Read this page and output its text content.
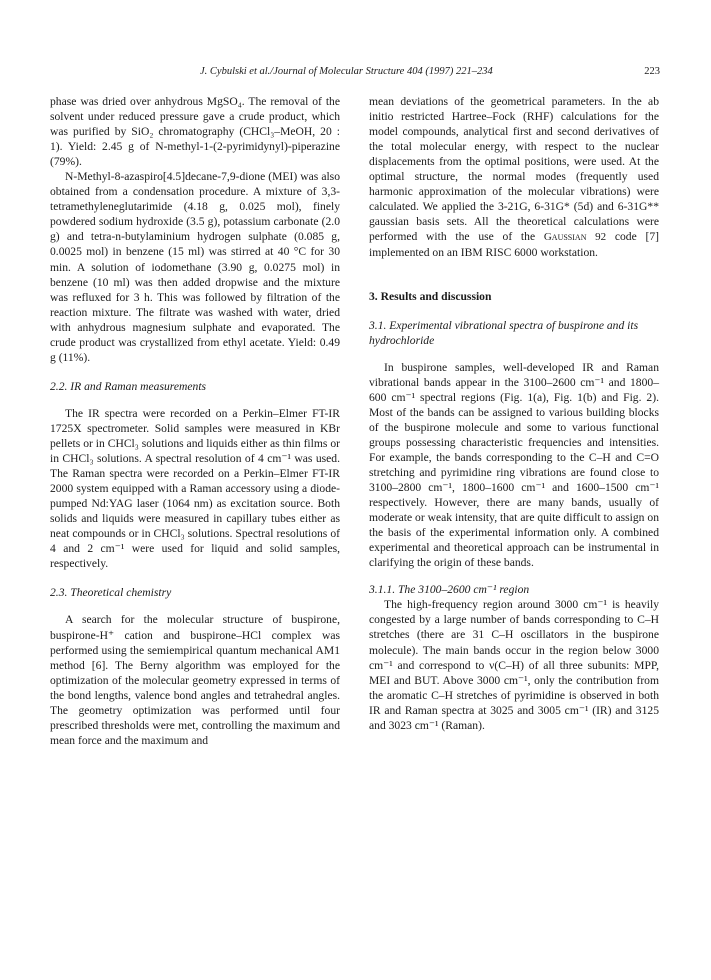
J. Cybulski et al./Journal of Molecular Structure 404 (1997) 221–234	223

phase was dried over anhydrous MgSO₄. The removal of the solvent under reduced pressure gave a crude product, which was purified by SiO₂ chromatography (CHCl₃–MeOH, 20 : 1). Yield: 2.45 g of N-methyl-1-(2-pyrimidynyl)-piperazine (79%).

N-Methyl-8-azaspiro[4.5]decane-7,9-dione (MEI) was also obtained from a condensation procedure. A mixture of 3,3-tetramethyleneglutarimide (4.18 g, 0.025 mol), finely powdered sodium hydroxide (3.5 g), potassium carbonate (2.0 g) and tetra-n-butylaminium hydrogen sulphate (0.085 g, 0.0025 mol) in benzene (15 ml) was stirred at 40 °C for 30 min. A solution of iodomethane (3.90 g, 0.0275 mol) in benzene (10 ml) was then added dropwise and the mixture was refluxed for 3 h. This was followed by filtration of the reaction mixture. The filtrate was washed with water, dried with anhydrous magnesium sulphate and evaporated. The crude product was crystallized from ethyl acetate. Yield: 0.49 g (11%).

2.2. IR and Raman measurements

The IR spectra were recorded on a Perkin–Elmer FT-IR 1725X spectrometer. Solid samples were measured in KBr pellets or in CHCl₃ solutions and liquids either as thin films or in CHCl₃ solutions. A spectral resolution of 4 cm⁻¹ was used. The Raman spectra were recorded on a Perkin–Elmer FT-IR 2000 system equipped with a Raman accessory using a diode-pumped Nd:YAG laser (1064 nm) as excitation source. Both solids and liquids were measured in capillary tubes either as neat compounds or in CHCl₃ solutions. Spectral resolutions of 4 and 2 cm⁻¹ were used for liquid and solid samples, respectively.

2.3. Theoretical chemistry

A search for the molecular structure of buspirone, buspirone-H⁺ cation and buspirone–HCl complex was performed using the semiempirical quantum mechanical AM1 method [6]. The Berny algorithm was employed for the optimization of the molecular geometry expressed in terms of the bond lengths, valence bond angles and tetrahedral angles. The geometry optimization was performed until four prescribed thresholds were met, controlling the maximum and mean force and the maximum and

mean deviations of the geometrical parameters. In the ab initio restricted Hartree–Fock (RHF) calculations for the model compounds, analytical first and second derivatives of the total molecular energy, with respect to the nuclear displacements from the optimal positions, were used. At the optimal structure, the normal modes (frequently used harmonic approximation of the molecular vibrations) were calculated. We applied the 3-21G, 6-31G* (5d) and 6-31G** gaussian basis sets. All the theoretical calculations were performed with the use of the Gaussian 92 code [7] implemented on an IBM RISC 6000 workstation.

3. Results and discussion
3.1. Experimental vibrational spectra of buspirone and its hydrochloride

In buspirone samples, well-developed IR and Raman vibrational bands appear in the 3100–2600 cm⁻¹ and 1800–600 cm⁻¹ spectral regions (Fig. 1(a), Fig. 1(b) and Fig. 2). Most of the bands can be assigned to various building blocks of the buspirone molecule and some to various functional groups possessing characteristic frequencies and intensities. For example, the bands corresponding to the C–H and C=O stretching and pyrimidine ring vibrations are found close to 3100–2800 cm⁻¹, 1800–1600 cm⁻¹ and 1600–1500 cm⁻¹ respectively. However, there are many bands, usually of moderate or weak intensity, that are quite difficult to assign on the basis of the experimental information only. A combined experimental and theoretical approach can be instrumental in clarifying the origin of these bands.

3.1.1. The 3100–2600 cm⁻¹ region

The high-frequency region around 3000 cm⁻¹ is heavily congested by a large number of bands corresponding to C–H stretches (there are 31 C–H oscillators in the buspirone molecule). The main bands occur in the region below 3000 cm⁻¹ and correspond to ν(C–H) of all three subunits: MPP, MEI and BUT. Above 3000 cm⁻¹, only the contribution from the aromatic C–H stretches of pyrimidine is observed in both IR and Raman spectra at 3025 and 3005 cm⁻¹ (IR) and 3125 and 3023 cm⁻¹ (Raman).
